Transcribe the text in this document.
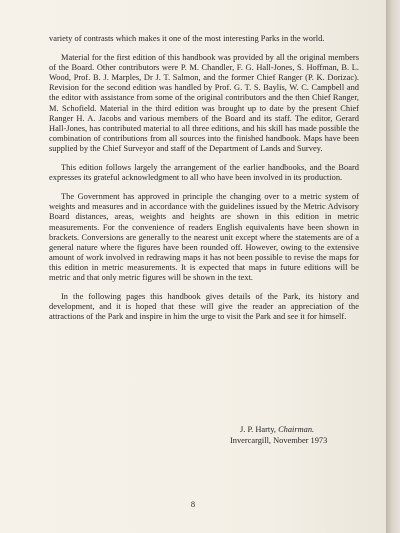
variety of contrasts which makes it one of the most interesting Parks in the world.

Material for the first edition of this handbook was provided by all the original members of the Board. Other contributors were P. M. Chandler, F. G. Hall-Jones, S. Hoffman, B. L. Wood, Prof. B. J. Marples, Dr J. T. Salmon, and the former Chief Ranger (P. K. Dorizac). Revision for the second edition was handled by Prof. G. T. S. Baylis, W. C. Campbell and the editor with assistance from some of the original contributors and the then Chief Ranger, M. Schofield. Material in the third edition was brought up to date by the present Chief Ranger H. A. Jacobs and various members of the Board and its staff. The editor, Gerard Hall-Jones, has contributed material to all three editions, and his skill has made possible the combination of contributions from all sources into the finished handbook. Maps have been supplied by the Chief Surveyor and staff of the Department of Lands and Survey.

This edition follows largely the arrangement of the earlier handbooks, and the Board expresses its grateful acknowledgment to all who have been involved in its production.

The Government has approved in principle the changing over to a metric system of weights and measures and in accordance with the guidelines issued by the Metric Advisory Board distances, areas, weights and heights are shown in this edition in metric measurements. For the convenience of readers English equivalents have been shown in brackets. Conversions are generally to the nearest unit except where the statements are of a general nature where the figures have been rounded off. However, owing to the extensive amount of work involved in redrawing maps it has not been possible to revise the maps for this edition in metric measurements. It is expected that maps in future editions will be metric and that only metric figures will be shown in the text.

In the following pages this handbook gives details of the Park, its history and development, and it is hoped that these will give the reader an appreciation of the attractions of the Park and inspire in him the urge to visit the Park and see it for himself.

J. P. Harty, Chairman.
Invercargill, November 1973
8
